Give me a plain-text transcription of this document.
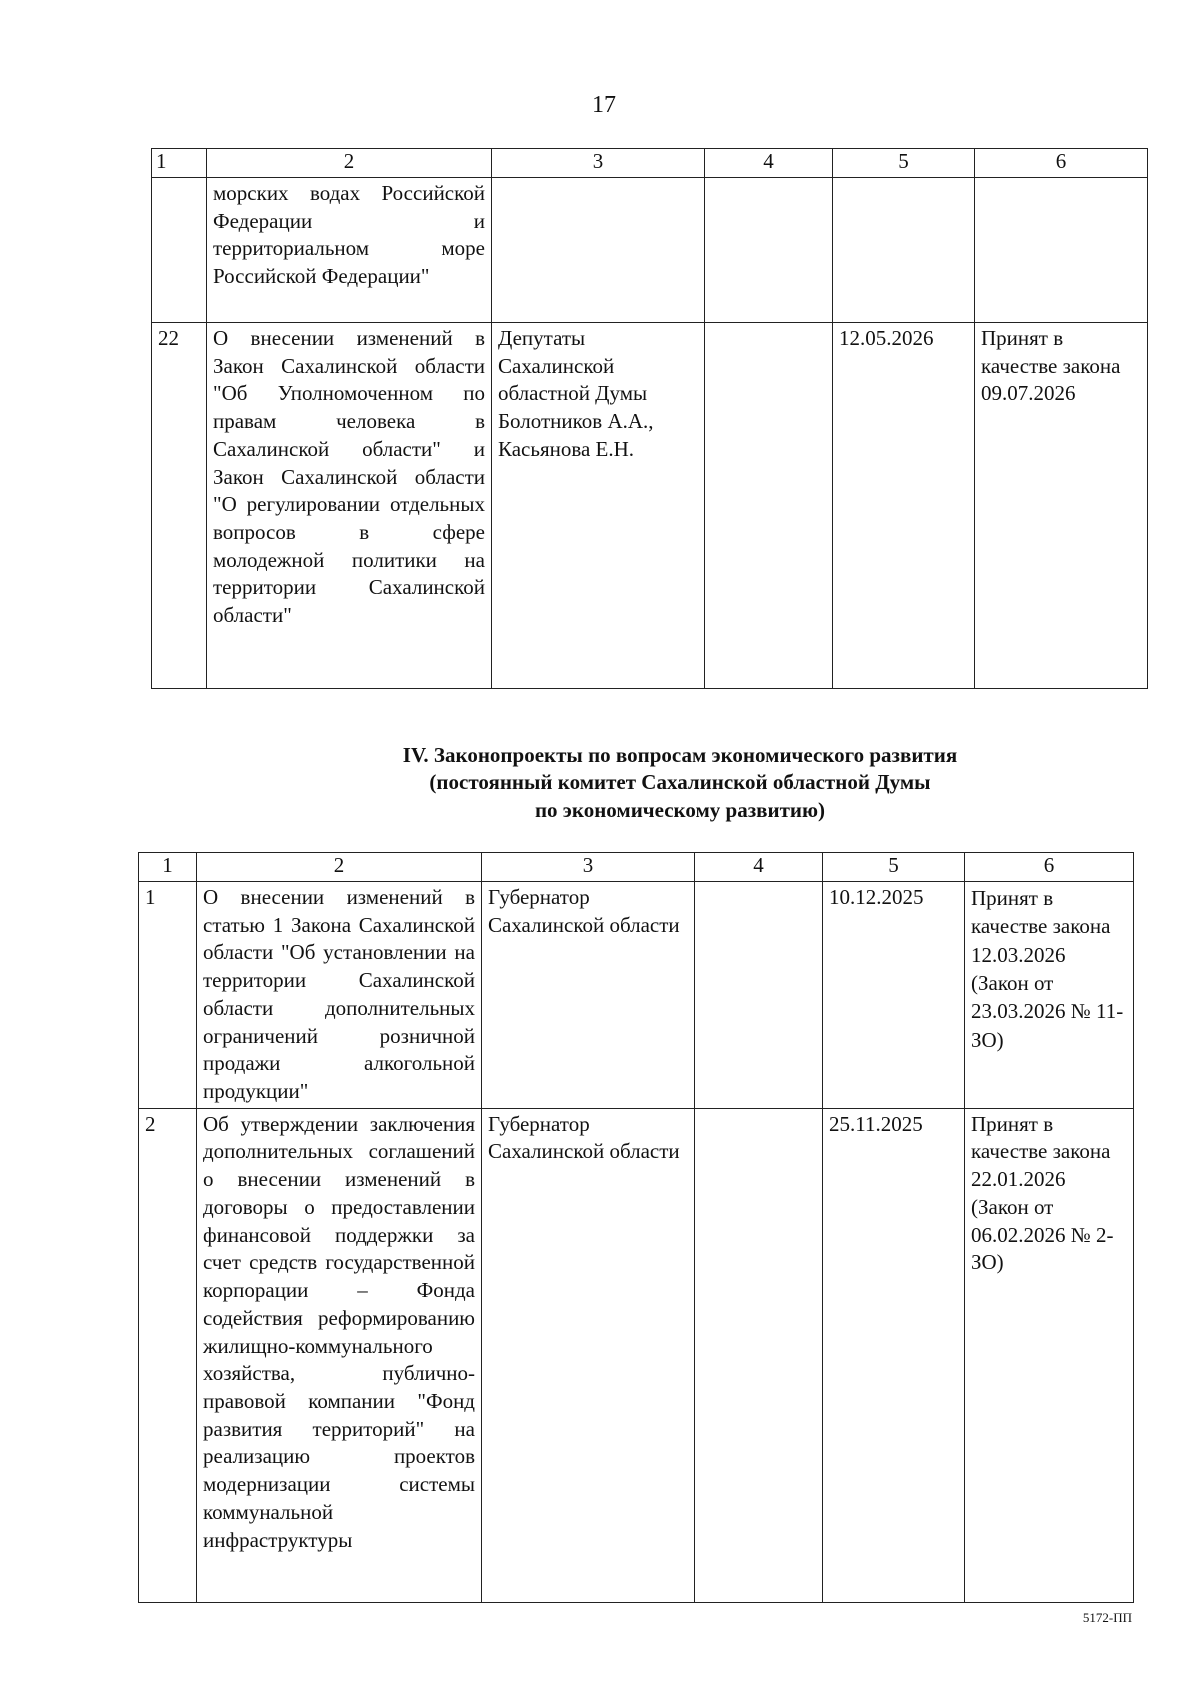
17
1	2	3	4	5	6
	морских водах Российской Федерации и территориальном море Российской Федерации"				
22	О внесении изменений в Закон Сахалинской области "Об Уполномоченном по правам человека в Сахалинской области" и Закон Сахалинской области "О регулировании отдельных вопросов в сфере молодежной политики на территории Сахалинской области"	Депутаты Сахалинской областной Думы Болотников А.А., Касьянова Е.Н.		12.05.2026	Принят в качестве закона 09.07.2026
IV. Законопроекты по вопросам экономического развития
(постоянный комитет Сахалинской областной Думы
по экономическому развитию)
1	2	3	4	5	6
1	О внесении изменений в статью 1 Закона Сахалинской области "Об установлении на территории Сахалинской области дополнительных ограничений розничной продажи алкогольной продукции"	Губернатор Сахалинской области		10.12.2025	Принят в качестве закона 12.03.2026 (Закон от 23.03.2026 № 11-ЗО)
2	Об утверждении заключения дополнительных соглашений о внесении изменений в договоры о предоставлении финансовой поддержки за счет средств государственной корпорации – Фонда содействия реформированию жилищно-коммунального хозяйства, публично-правовой компании "Фонд развития территорий" на реализацию проектов модернизации системы коммунальной инфраструктуры	Губернатор Сахалинской области		25.11.2025	Принят в качестве закона 22.01.2026 (Закон от 06.02.2026 № 2-ЗО)
5172-ПП
